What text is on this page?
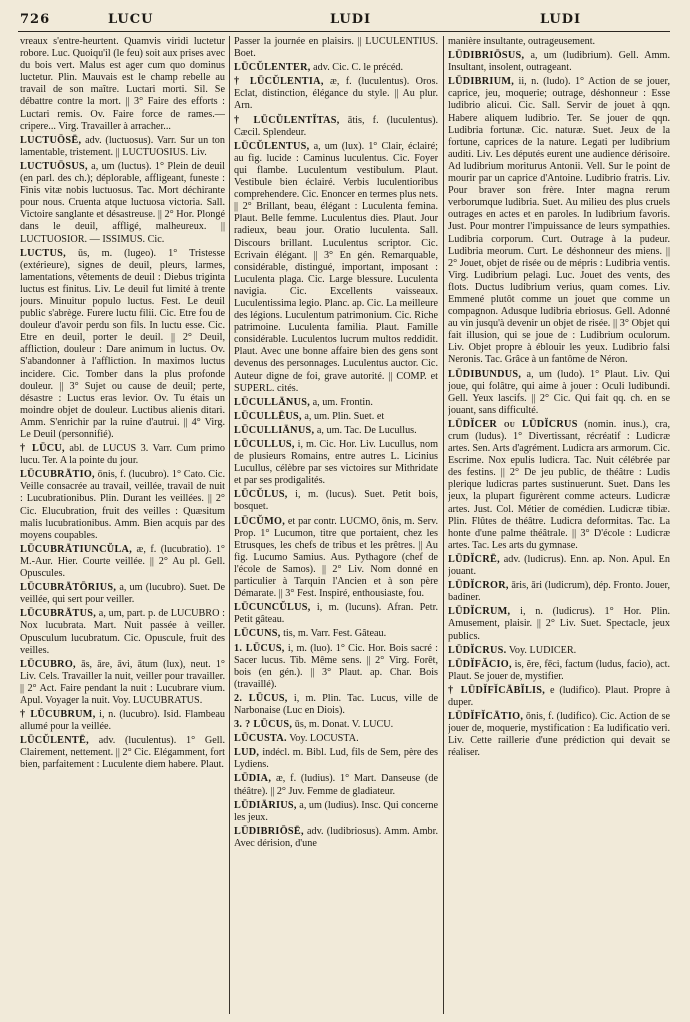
726	LUCU	LUDI	LUDI

vreaux s'entre-heurtent. Quamvis viridi luctetur robore. Luc. Quoiqu'il (le feu) soit aux prises avec du bois vert. Malus est ager cum quo dominus luctetur. Plin. Mauvais est le champ rebelle au travail de son maître. Luctari morti. Sil. Se débattre contre la mort. || 3° Faire des efforts : Luctari remis. Ov. Faire force de rames.—cripere... Virg. Travailler à arracher...

LUCTUŌSĒ, adv. (luctuosus). Varr. Sur un ton lamentable, tristement. || LUCTUOSIUS. Liv.

LUCTUŌSUS, a, um (luctus). 1° Plein de deuil (en parl. des ch.); déplorable, affligeant, funeste : Finis vitæ nobis luctuosus. Tac. Mort déchirante pour nous. Cruenta atque luctuosa victoria. Sall. Victoire sanglante et désastreuse. || 2° Hor. Plongé dans le deuil, affligé, malheureux. || LUCTUOSIOR. — ISSIMUS. Cic.

LUCTUS, ūs, m. (lugeo). 1° Tristesse (extérieure), signes de deuil, pleurs, larmes, lamentations, vêtements de deuil : Diebus triginta luctus est finitus. Liv. Le deuil fut limité à trente jours. Minuitur populo luctus. Fest. Le deuil public s'abrège. Furere luctu filii. Cic. Etre fou de douleur d'avoir perdu son fils. In luctu esse. Cic. Etre en deuil, porter le deuil. || 2° Deuil, affliction, douleur : Dare animum in luctus. Ov. S'abandonner à l'affliction. In maximos luctus incidere. Cic. Tomber dans la plus profonde douleur. || 3° Sujet ou cause de deuil; perte, désastre : Luctus eras levior. Ov. Tu étais un moindre objet de douleur. Luctibus alienis ditari. Amm. S'enrichir par la ruine d'autrui. || 4° Virg. Le Deuil (personnifié).

† LŪCU, abl. de LUCUS 3. Varr. Cum primo lucu. Ter. A la pointe du jour.

LŪCUBRĀTIO, ōnis, f. (lucubro). 1° Cato. Cic. Veille consacrée au travail, veillée, travail de nuit : Lucubrationibus. Plin. Durant les veillées. || 2° Cic. Elucubration, fruit des veilles : Quæsitum malis lucubrationibus. Amm. Bien acquis par des moyens coupables.

LŪCUBRĀTIUNCŬLA, æ, f. (lucubratio). 1° M.-Aur. Hier. Courte veillée. || 2° Au pl. Gell. Opuscules.

LŪCUBRĀTŌRIUS, a, um (lucubro). Suet. De veillée, qui sert pour veiller.

LŪCUBRĀTUS, a, um, part. p. de LUCUBRO : Nox lucubrata. Mart. Nuit passée à veiller. Opusculum lucubratum. Cic. Opuscule, fruit des veilles.

LŪCUBRO, ās, āre, āvi, ātum (lux), neut. 1° Liv. Cels. Travailler la nuit, veiller pour travailler. || 2° Act. Faire pendant la nuit : Lucubrare vium. Apul. Voyager la nuit. Voy. LUCUBRATUS.

† LŪCUBRUM, i, n. (lucubro). Isid. Flambeau allumé pour la veillée.

LŪCŬLENTĒ, adv. (luculentus). 1° Gell. Clairement, nettement. || 2° Cic. Elégamment, fort bien, parfaitement : Luculente diem habere. Plaut.

Passer la journée en plaisirs. || LUCULENTIUS. Boet.

LŪCŬLENTER, adv. Cic. C. le précéd.

† LŪCŬLENTIA, æ, f. (luculentus). Oros. Eclat, distinction, élégance du style. || Au plur. Arn.

† LŪCŬLENTĬTAS, ātis, f. (luculentus). Cæcil. Splendeur.

LŪCŬLENTUS, a, um (lux). 1° Clair, éclairé; au fig. lucide : Caminus luculentus. Cic. Foyer qui flambe. Luculentum vestibulum. Plaut. Vestibule bien éclairé. Verbis luculentioribus comprehendere. Cic. Enoncer en termes plus nets. || 2° Brillant, beau, élégant : Luculenta femina. Plaut. Belle femme. Luculentus dies. Plaut. Jour radieux, beau jour. Oratio luculenta. Sall. Discours brillant. Luculentus scriptor. Cic. Ecrivain élégant. || 3° En gén. Remarquable, considérable, distingué, important, imposant : Luculenta plaga. Cic. Large blessure. Luculenta navigia. Cic. Excellents vaisseaux. Luculentissima legio. Planc. ap. Cic. La meilleure des légions. Luculentum patrimonium. Cic. Riche patrimoine. Luculenta familia. Plaut. Famille considérable. Luculentos lucrum multos reddidit. Plaut. Avec une bonne affaire bien des gens sont devenus des personnages. Luculentus auctor. Cic. Auteur digne de foi, grave autorité. || COMP. et SUPERL. cités.

LŪCULLĀNUS, a, um. Frontin.

LŪCULLĒUS, a, um. Plin. Suet. et

LŪCULLIĀNUS, a, um. Tac. De Lucullus.

LŪCULLUS, i, m. Cic. Hor. Liv. Lucullus, nom de plusieurs Romains, entre autres L. Licinius Lucullus, célèbre par ses victoires sur Mithridate et par ses prodigalités.

LŪCŬLUS, i, m. (lucus). Suet. Petit bois, bosquet.

LŪCŬMO, et par contr. LUCMO, ōnis, m. Serv. Prop. 1° Lucumon, titre que portaient, chez les Etrusques, les chefs de tribus et les prêtres. || Au fig. Lucumo Samius. Aus. Pythagore (chef de l'école de Samos). || 2° Liv. Nom donné en particulier à Tarquin l'Ancien et à son père Démarate. || 3° Fest. Inspiré, enthousiaste, fou.

LŪCUNCŬLUS, i, m. (lucuns). Afran. Petr. Petit gâteau.

LŪCUNS, tis, m. Varr. Fest. Gâteau.

1. LŪCUS, i, m. (luo). 1° Cic. Hor. Bois sacré : Sacer lucus. Tib. Même sens. || 2° Virg. Forêt, bois (en gén.). || 3° Plaut. ap. Char. Bois (travaillé).

2. LŪCUS, i, m. Plin. Tac. Lucus, ville de Narbonaise (Luc en Diois).

3. ? LŪCUS, ūs, m. Donat. V. LUCU.

LŪCUSTA. Voy. LOCUSTA.

LUD, indécl. m. Bibl. Lud, fils de Sem, père des Lydiens.

LŪDIA, æ, f. (ludius). 1° Mart. Danseuse (de théâtre). || 2° Juv. Femme de gladiateur.

LŪDIĀRIUS, a, um (ludius). Insc. Qui concerne les jeux.

LŪDIBRIŌSĒ, adv. (ludibriosus). Amm. Ambr. Avec dérision, d'une

manière insultante, outrageusement.

LŪDIBRIŌSUS, a, um (ludibrium). Gell. Amm. Insultant, insolent, outrageant.

LŪDIBRIUM, ii, n. (ludo). 1° Action de se jouer, caprice, jeu, moquerie; outrage, déshonneur : Esse ludibrio alicui. Cic. Sall. Servir de jouet à qqn. Habere aliquem ludibrio. Ter. Se jouer de qqn. Ludibria fortunæ. Cic. naturæ. Suet. Jeux de la fortune, caprices de la nature. Legati per ludibrium auditi. Liv. Les députés eurent une audience dérisoire. Ad ludibrium moriturus Antonii. Vell. Sur le point de mourir par un caprice d'Antoine. Ludibrio fratris. Liv. Pour braver son frère. Inter magna rerum verborumque ludibria. Suet. Au milieu des plus cruels outrages en actes et en paroles. In ludibrium favoris. Just. Pour montrer l'impuissance de leurs sympathies. Ludibria corporum. Curt. Outrage à la pudeur. Ludibria meorum. Curt. Le déshonneur des miens. || 2° Jouet, objet de risée ou de mépris : Ludibria ventis. Virg. Ludibrium pelagi. Luc. Jouet des vents, des flots. Ductus ludibrium verius, quam comes. Liv. Emmené plutôt comme un jouet que comme un compagnon. Adusque ludibria ebriosus. Gell. Adonné au vin jusqu'à devenir un objet de risée. || 3° Objet qui fait illusion, qui se joue de : Ludibrium oculorum. Liv. Objet propre à éblouir les yeux. Ludibrio falsi Neronis. Tac. Grâce à un fantôme de Néron.

LŪDIBUNDUS, a, um (ludo). 1° Plaut. Liv. Qui joue, qui folâtre, qui aime à jouer : Oculi ludibundi. Gell. Yeux lascifs. || 2° Cic. Qui fait qq. ch. en se jouant, sans difficulté.

LŪDĬCER ou LŪDĬCRUS (nomin. inus.), cra, crum (ludus). 1° Divertissant, récréatif : Ludicræ artes. Sen. Arts d'agrément. Ludicra ars armorum. Cic. Escrime. Nox epulis ludicra. Tac. Nuit célébrée par des festins. || 2° De jeu public, de théâtre : Ludis plerique ludicras partes sustinuerunt. Suet. Dans les jeux, la plupart figurèrent comme acteurs. Ludicræ artes. Just. Col. Métier de comédien. Ludicræ tibiæ. Plin. Flûtes de théâtre. Ludicra deformitas. Tac. La honte d'une palme théâtrale. || 3° D'école : Ludicræ artes. Tac. Les arts du gymnase.

LŪDĬCRĒ, adv. (ludicrus). Enn. ap. Non. Apul. En jouant.

LŪDĬCROR, āris, āri (ludicrum), dép. Fronto. Jouer, badiner.

LŪDĬCRUM, i, n. (ludicrus). 1° Hor. Plin. Amusement, plaisir. || 2° Liv. Suet. Spectacle, jeux publics.

LŪDĬCRUS. Voy. LUDICER.

LŪDĬFĂCIO, is, ĕre, fēci, factum (ludus, facio), act. Plaut. Se jouer de, mystifier.

† LŪDĬFĬCĀBĬLIS, e (ludifico). Plaut. Propre à duper.

LŪDĬFĬCĀTIO, ōnis, f. (ludifico). Cic. Action de se jouer de, moquerie, mystification : Ea ludificatio veri. Liv. Cette raillerie d'une prédiction qui devait se réaliser.
